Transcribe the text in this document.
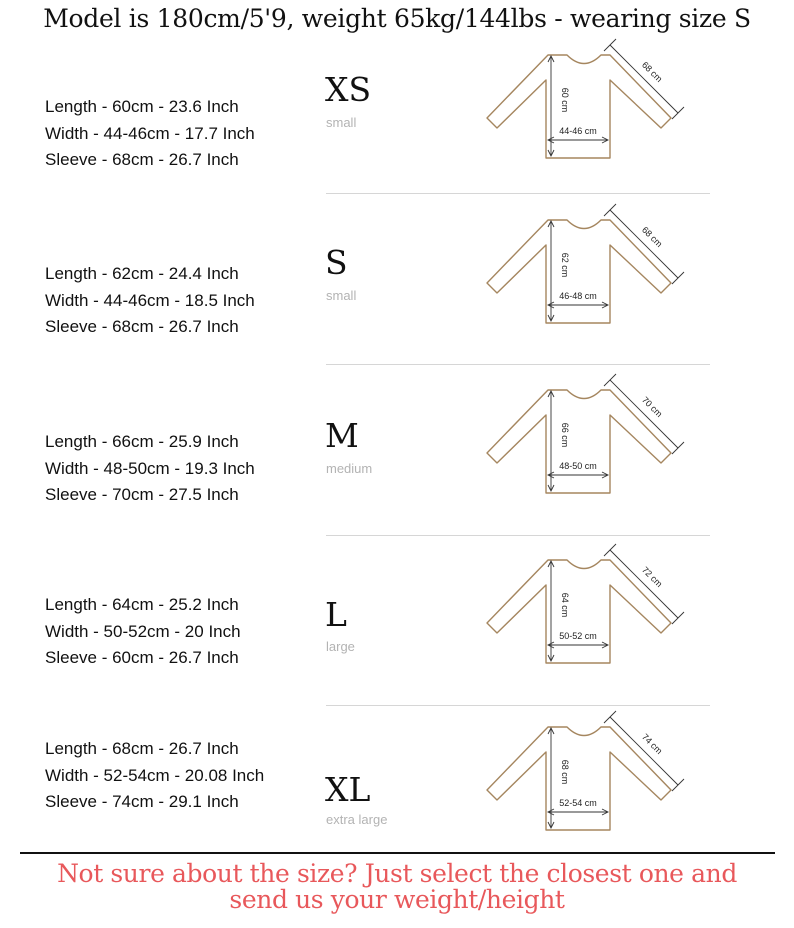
Model is 180cm/5'9, weight 65kg/144lbs - wearing size S
Length - 60cm - 23.6 Inch
Width - 44-46cm - 17.7 Inch
Sleeve - 68cm - 26.7 Inch
XS
small
60 cm
44-46 cm
68 cm
Length - 62cm - 24.4 Inch
Width - 44-46cm - 18.5 Inch
Sleeve - 68cm - 26.7 Inch
S
small
62 cm
46-48 cm
68 cm
Length - 66cm - 25.9 Inch
Width - 48-50cm - 19.3 Inch
Sleeve - 70cm - 27.5 Inch
M
medium
66 cm
48-50 cm
70 cm
Length - 64cm - 25.2 Inch
Width - 50-52cm - 20 Inch
Sleeve - 60cm - 26.7 Inch
L
large
64 cm
50-52 cm
72 cm
Length - 68cm - 26.7 Inch
Width - 52-54cm - 20.08 Inch
Sleeve - 74cm - 29.1 Inch	XL
extra large
68 cm
52-54 cm
74 cm
Not sure about the size? Just select the closest one and
send us your weight/height
